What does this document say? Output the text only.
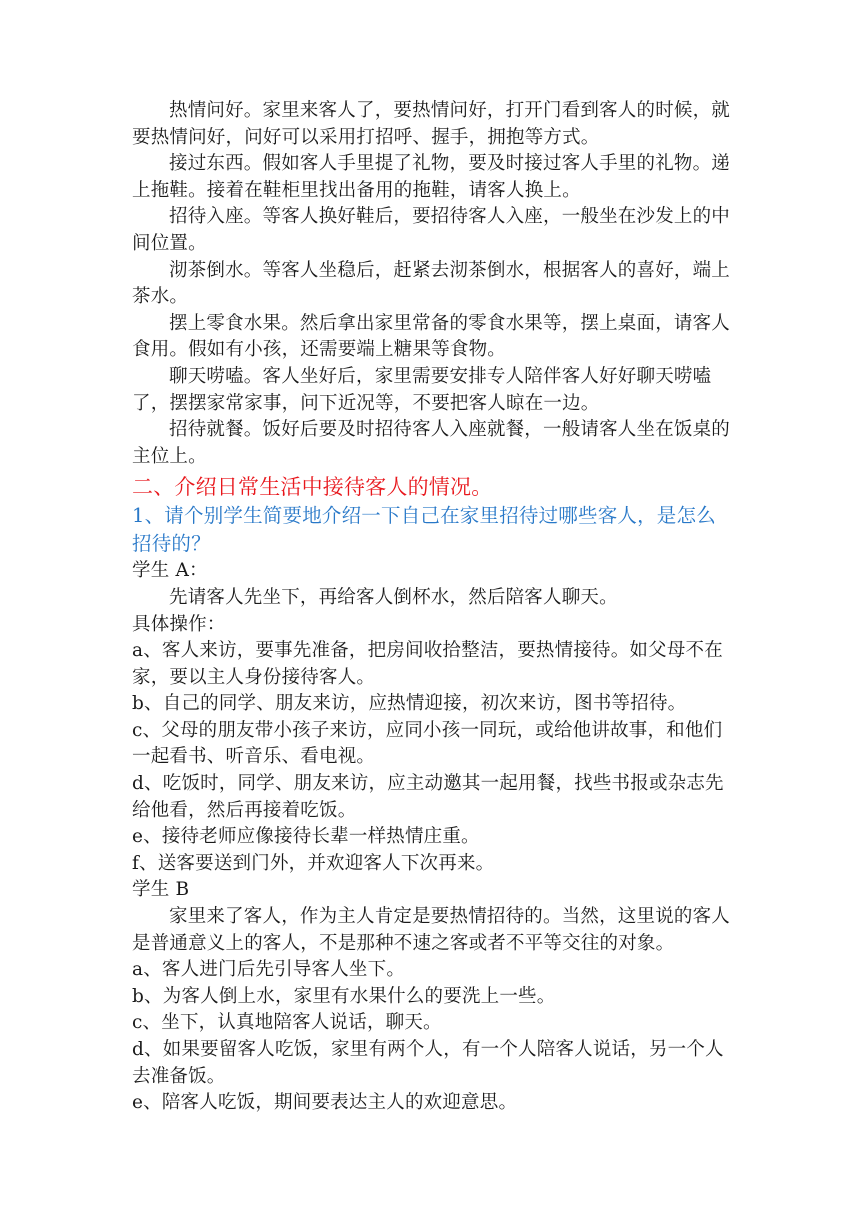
热情问好。家里来客人了，要热情问好，打开门看到客人的时候，就要热情问好，问好可以采用打招呼、握手，拥抱等方式。

接过东西。假如客人手里提了礼物，要及时接过客人手里的礼物。递上拖鞋。接着在鞋柜里找出备用的拖鞋，请客人换上。

招待入座。等客人换好鞋后，要招待客人入座，一般坐在沙发上的中间位置。

沏茶倒水。等客人坐稳后，赶紧去沏茶倒水，根据客人的喜好，端上茶水。

摆上零食水果。然后拿出家里常备的零食水果等，摆上桌面，请客人食用。假如有小孩，还需要端上糖果等食物。

聊天唠嗑。客人坐好后，家里需要安排专人陪伴客人好好聊天唠嗑了，摆摆家常家事，问下近况等，不要把客人晾在一边。

招待就餐。饭好后要及时招待客人入座就餐，一般请客人坐在饭桌的主位上。

二、介绍日常生活中接待客人的情况。

1、请个别学生简要地介绍一下自己在家里招待过哪些客人，是怎么招待的？

学生 A：

先请客人先坐下，再给客人倒杯水，然后陪客人聊天。

具体操作：

a、客人来访，要事先准备，把房间收拾整洁，要热情接待。如父母不在家，要以主人身份接待客人。

b、自己的同学、朋友来访，应热情迎接，初次来访，图书等招待。

c、父母的朋友带小孩子来访，应同小孩一同玩，或给他讲故事，和他们一起看书、听音乐、看电视。

d、吃饭时，同学、朋友来访，应主动邀其一起用餐，找些书报或杂志先给他看，然后再接着吃饭。

e、接待老师应像接待长辈一样热情庄重。

f、送客要送到门外，并欢迎客人下次再来。

学生 B

家里来了客人，作为主人肯定是要热情招待的。当然，这里说的客人是普通意义上的客人，不是那种不速之客或者不平等交往的对象。

a、客人进门后先引导客人坐下。

b、为客人倒上水，家里有水果什么的要洗上一些。

c、坐下，认真地陪客人说话，聊天。

d、如果要留客人吃饭，家里有两个人，有一个人陪客人说话，另一个人去准备饭。

e、陪客人吃饭，期间要表达主人的欢迎意思。
